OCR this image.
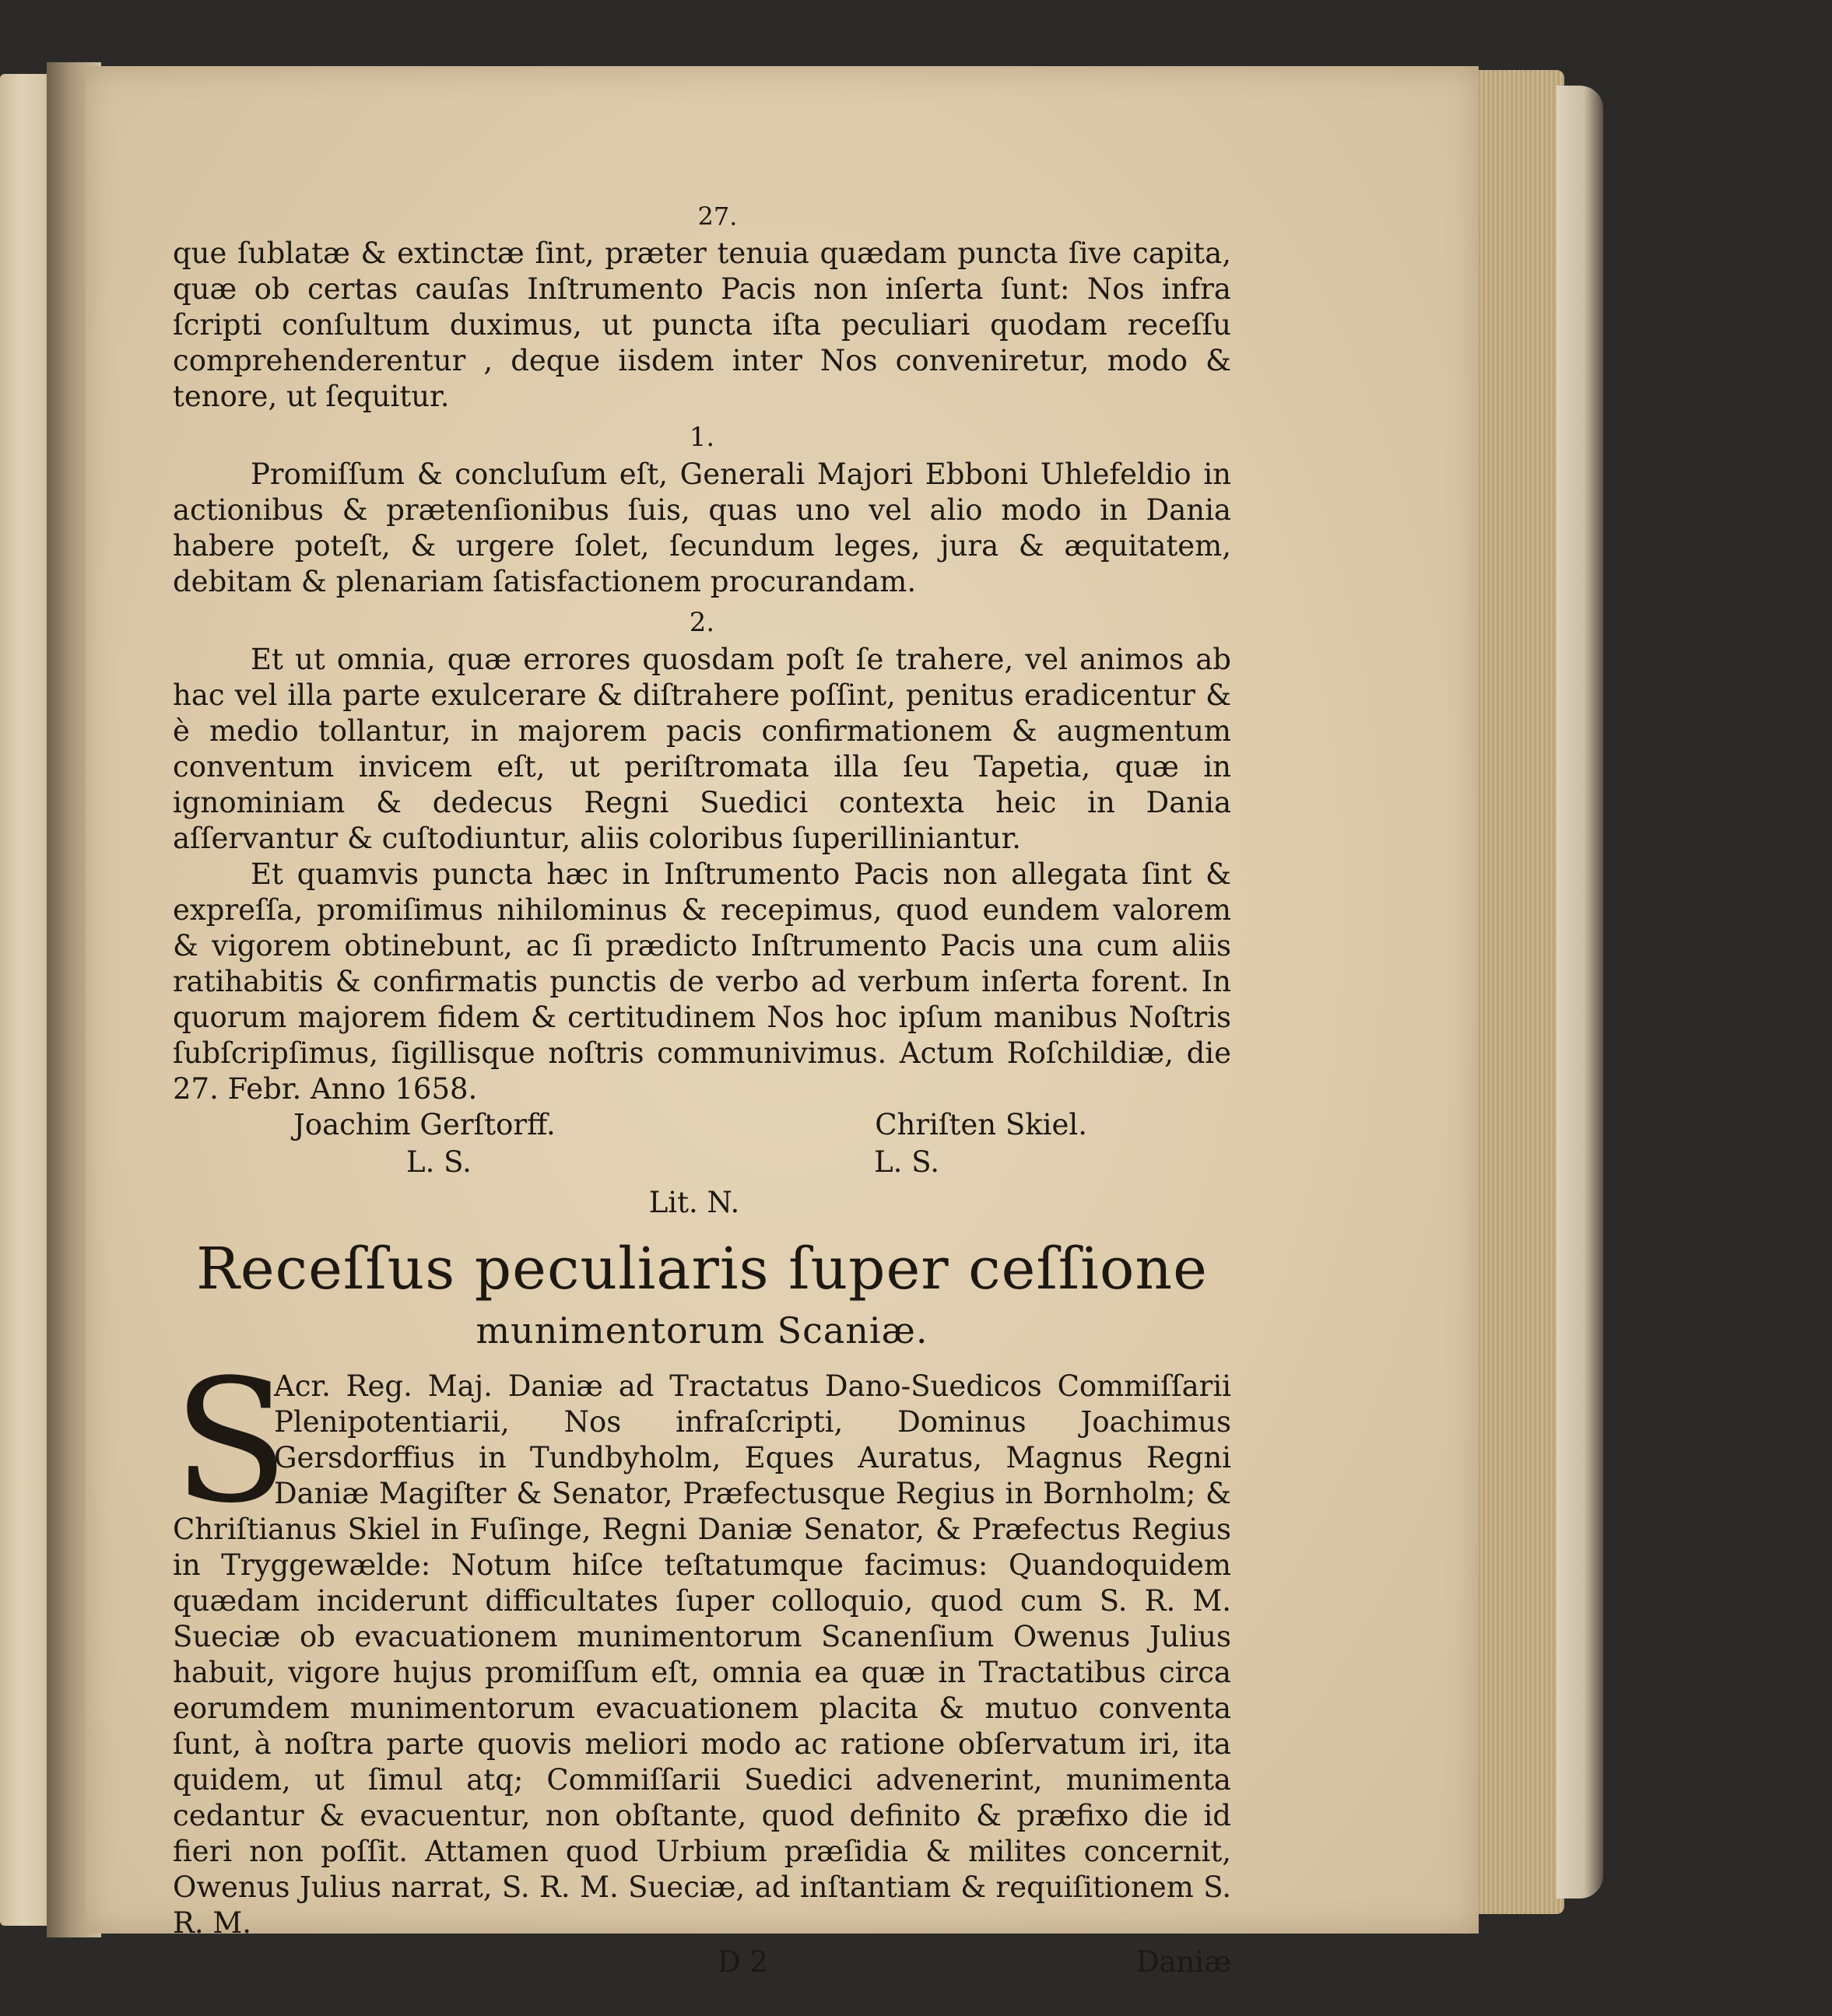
27.

que ſublatæ & extinctæ ſint, præter tenuia quædam puncta ſive capita, quæ ob certas cauſas Inſtrumento Pacis non inſerta ſunt: Nos infra ſcripti conſultum duximus, ut puncta iſta peculiari quodam receſſu comprehenderentur , deque iisdem inter Nos conveniretur, modo & tenore, ut ſequitur.

1.

Promiſſum & concluſum eſt, Generali Majori Ebboni Uhlefeldio in actionibus & prætenſionibus ſuis, quas uno vel alio modo in Dania habere poteſt, & urgere ſolet, ſecundum leges, jura & æquitatem, debitam & plenariam ſatisfactionem procurandam.

2.

Et ut omnia, quæ errores quosdam poſt ſe trahere, vel animos ab hac vel illa parte exulcerare & diſtrahere poſſint, penitus eradicentur & è medio tollantur, in majorem pacis confirmationem & augmentum conventum invicem eſt, ut periſtromata illa ſeu Tapetia, quæ in ignominiam & dedecus Regni Suedici contexta heic in Dania aſſervantur & cuſtodiuntur, aliis coloribus ſuperilliniantur.

Et quamvis puncta hæc in Inſtrumento Pacis non allegata ſint & expreſſa, promiſimus nihilominus & recepimus, quod eundem valorem & vigorem obtinebunt, ac ſi prædicto Inſtrumento Pacis una cum aliis ratihabitis & confirmatis punctis de verbo ad verbum inſerta forent. In quorum majorem fidem & certitudinem Nos hoc ipſum manibus Noſtris ſubſcripſimus, ſigillisque noſtris communivimus. Actum Roſchildiæ, die 27. Febr. Anno 1658.

Joachim Gerſtorff.	Chriſten Skiel.
L. S.	L. S.
Lit. N.
Receſſus peculiaris ſuper ceſſione
munimentorum Scaniæ.
S

Acr. Reg. Maj. Daniæ ad Tractatus Dano-Suedicos Commiſſarii Plenipotentiarii, Nos infraſcripti, Dominus Joachimus Gersdorffius in Tundbyholm, Eques Auratus, Magnus Regni Daniæ Magiſter & Senator, Præfectusque Regius in Bornholm; & Chriſtianus Skiel in Fuſinge, Regni Daniæ Senator, & Præfectus Regius in Tryggewælde: Notum hiſce teſtatumque facimus: Quandoquidem quædam inciderunt difficultates ſuper colloquio, quod cum S. R. M. Sueciæ ob evacuationem munimentorum Scanenſium Owenus Julius habuit, vigore hujus promiſſum eſt, omnia ea quæ in Tractatibus circa eorumdem munimentorum evacuationem placita & mutuo conventa ſunt, à noſtra parte quovis meliori modo ac ratione obſervatum iri, ita quidem, ut ſimul atq; Commiſſarii Suedici advenerint, munimenta cedantur & evacuentur, non obſtante, quod definito & præfixo die id fieri non poſſit. Attamen quod Urbium præſidia & milites concernit, Owenus Julius narrat, S. R. M. Sueciæ, ad inſtantiam & requiſitionem S. R. M.

D 2	Daniæ
